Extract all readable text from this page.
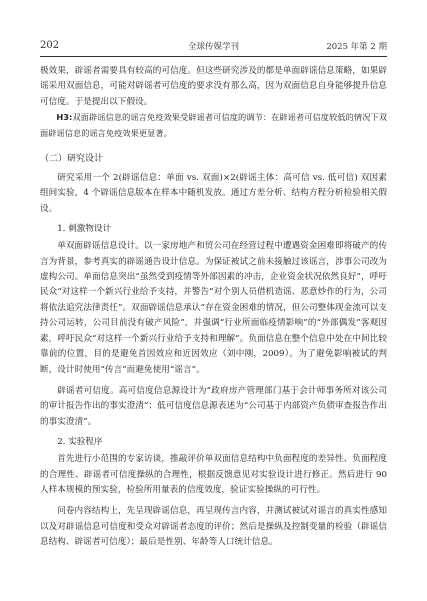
202	全球传媒学刊	2025 年第 2 期

极效果，辟谣者需要具有较高的可信度。但这些研究涉及的都是单面辟谣信息策略，如果辟谣采用双面信息，可能对辟谣者可信度的要求没有那么高，因为双面信息自身能够提升信息可信度。于是提出以下假设。

H3:双面辟谣信息的谣言免疫效果受辟谣者可信度的调节：在辟谣者可信度较低的情况下双面辟谣信息的谣言免疫效果更显著。

（二）研究设计

研究采用一个 2(辟谣信息：单面 vs. 双面)×2(辟谣主体：高可信 vs. 低可信) 双因素组间实验，4 个辟谣信息版本在样本中随机发放。通过方差分析、结构方程分析检验相关假设。

1. 刺激物设计

单双面辟谣信息设计。以一家房地产和贸公司在经营过程中遭遇资金困难即将破产的传言为背景，参考真实的辟谣通告设计信息。为保证被试之前未接触过该谣言，涉事公司改为虚构公司。单面信息突出“虽然受到疫情等外部因素的冲击，企业资金状况依然良好”，呼吁民众“对这样一个新兴行业给予支持，并警告“对个别人员借机造谣、恶意炒作的行为，公司将依法追究法律责任”。双面辟谣信息承认“存在资金困难的情况，但公司整体现金流可以支持公司运转，公司目前没有破产风险”，并强调“行业所面临疫情影响”的“外部偶发”客观因素，呼吁民众“对这样一个新兴行业给予支持和理解”。负面信息在整个信息中处在中间比较靠前的位置，目的是避免首因效应和近因效应（刘中刚，2009）。为了避免影响被试的判断，设计时使用“传言”而避免使用“谣言”。

辟谣者可信度。高可信度信息源设计为“政府房产管理部门基于会计师事务所对该公司的审计报告作出的事实澄清”；低可信度信息源表述为“公司基于内部资产负债审查报告作出的事实澄清”。

2. 实验程序

首先进行小范围的专家访谈，推敲评价单双面信息结构中负面程度的差异性、负面程度的合理性、辟谣者可信度操纵的合理性，根据反馈意见对实验设计进行修正。然后进行 90 人样本规模的预实验，检验所用量表的信度效度，验证实验操纵的可行性。

问卷内容结构上，先呈现辟谣信息，再呈现传言内容，并测试被试对谣言的真实性感知以及对辟谣信息可信度和受众对辟谣者态度的评价；然后是操纵及控制变量的检验（辟谣信息结构、辟谣者可信度）；最后是性别、年龄等人口统计信息。
